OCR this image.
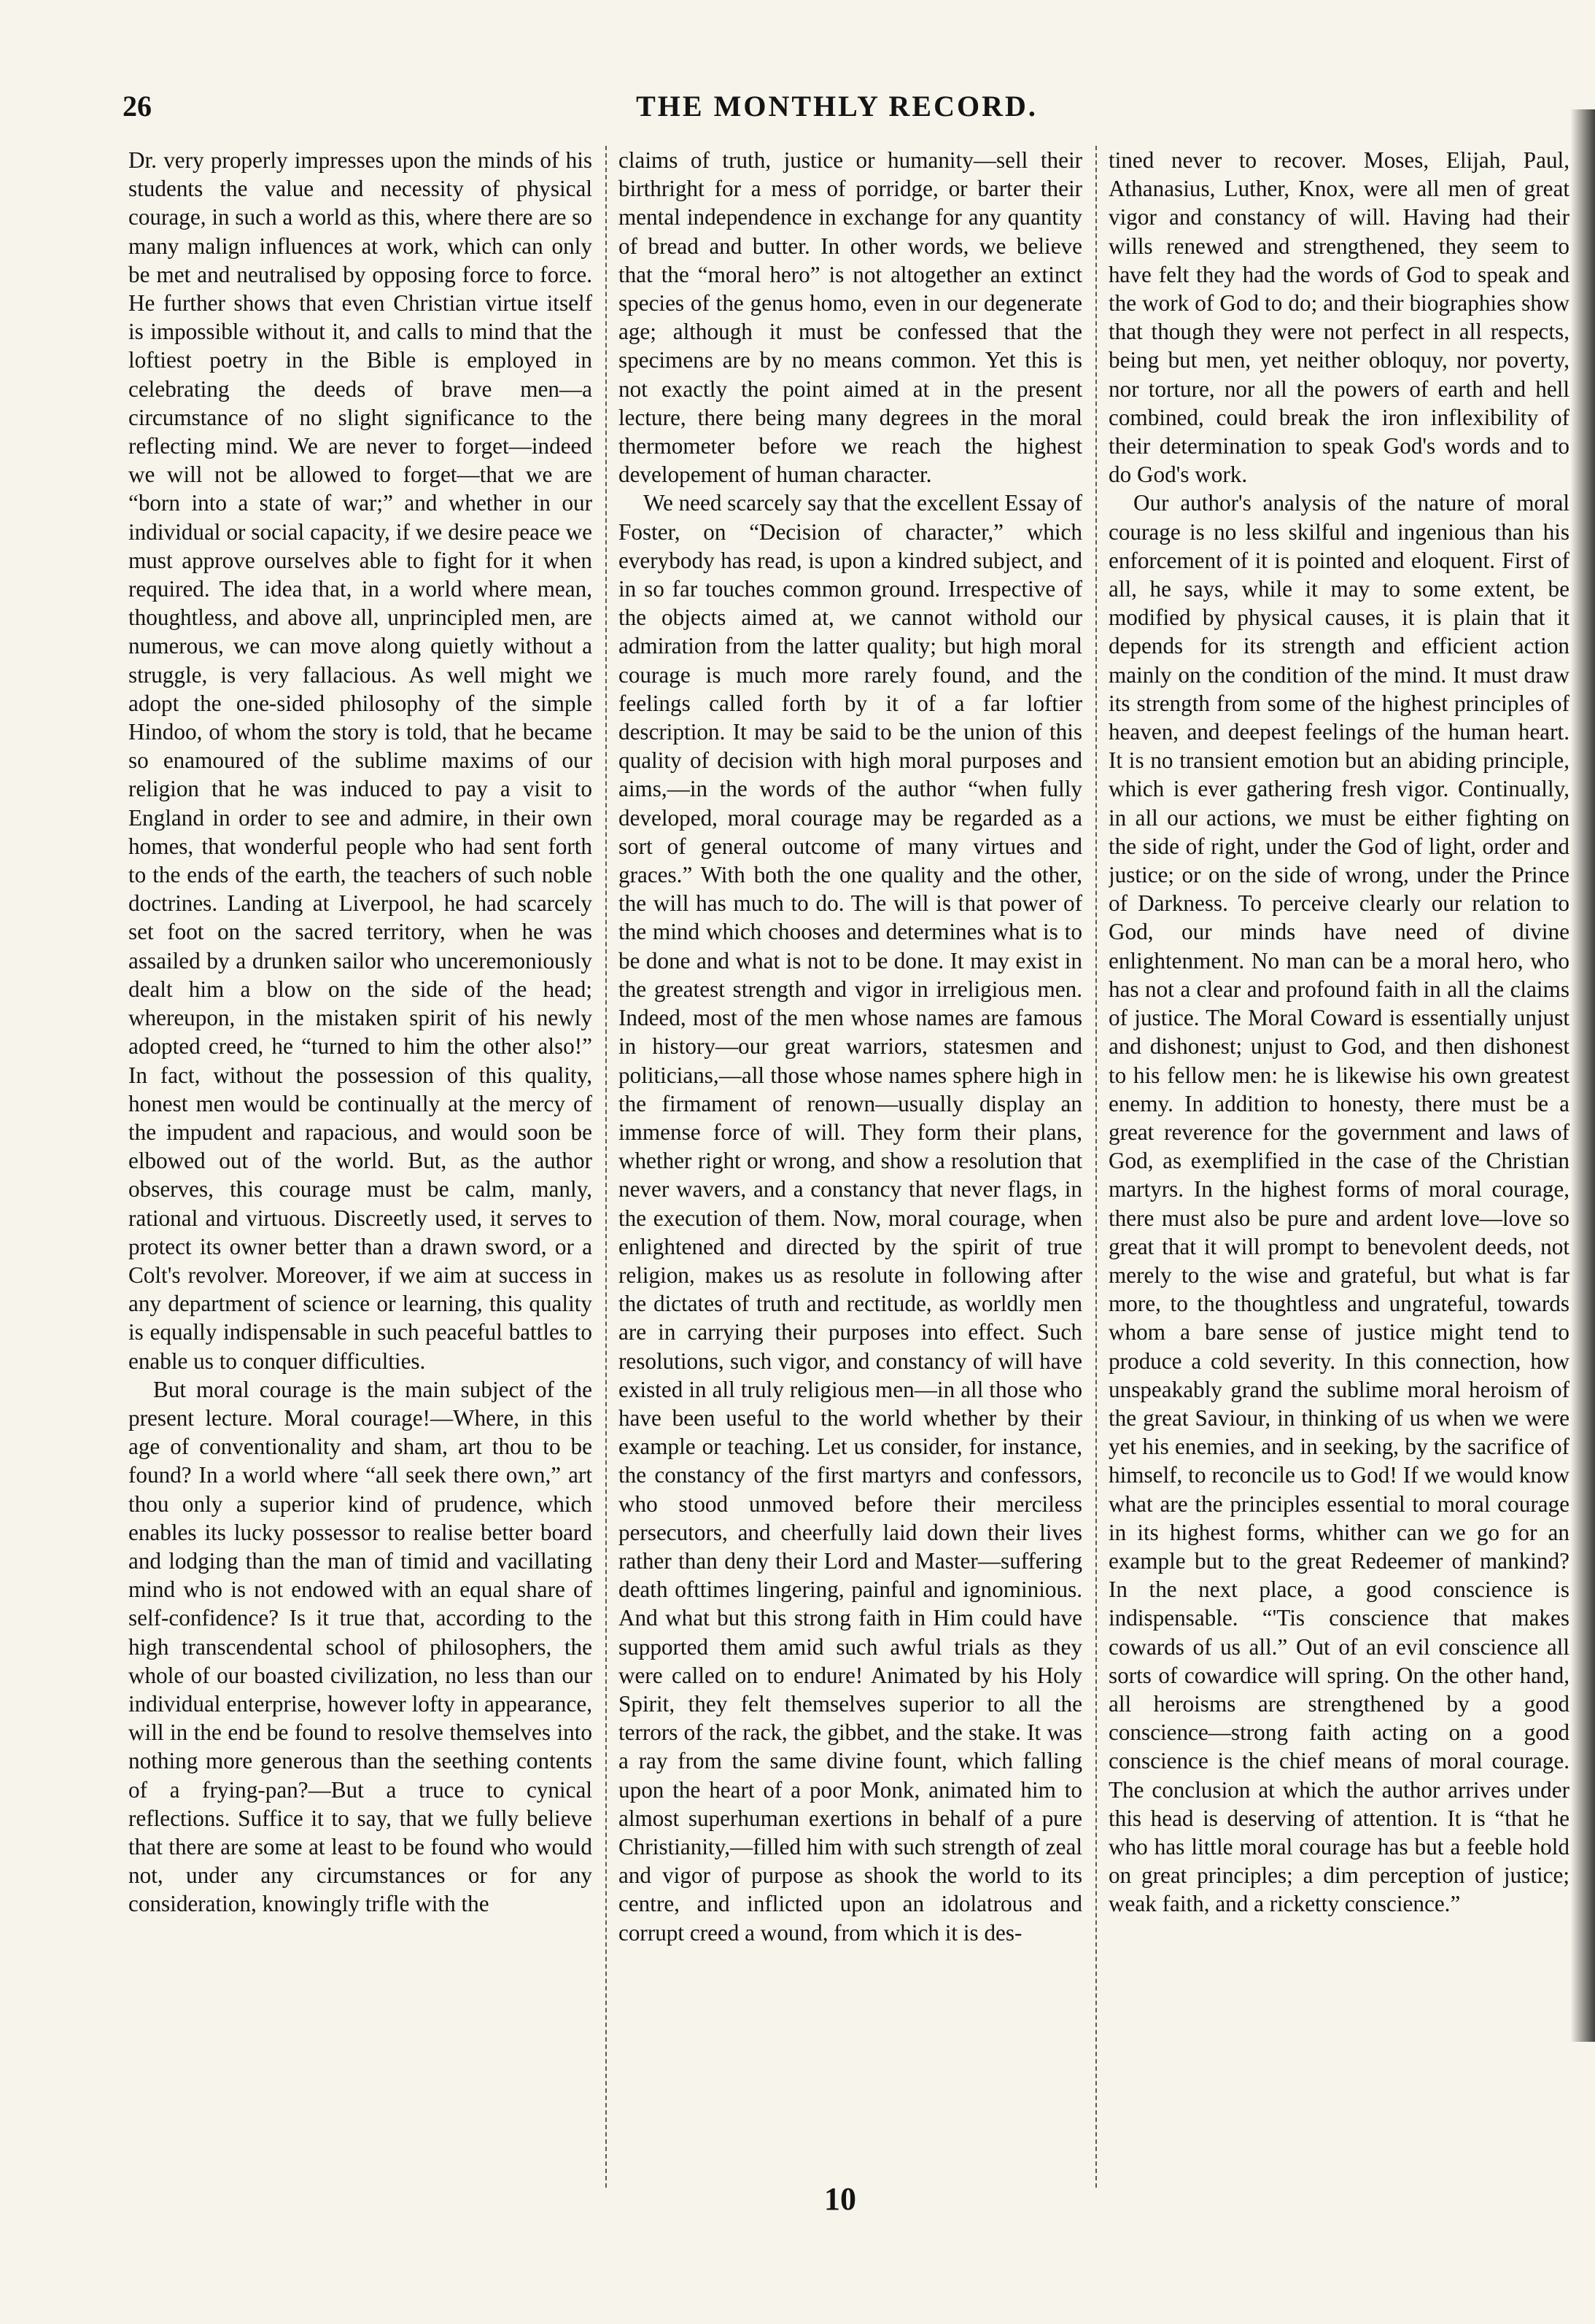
26	THE MONTHLY RECORD.

Dr. very properly impresses upon the minds of his students the value and necessity of physical courage, in such a world as this, where there are so many malign influences at work, which can only be met and neutralised by opposing force to force. He further shows that even Christian virtue itself is impossible without it, and calls to mind that the loftiest poetry in the Bible is employed in celebrating the deeds of brave men—a circumstance of no slight significance to the reflecting mind. We are never to forget—indeed we will not be allowed to forget—that we are “born into a state of war;” and whether in our individual or social capacity, if we desire peace we must approve ourselves able to fight for it when required. The idea that, in a world where mean, thoughtless, and above all, unprincipled men, are numerous, we can move along quietly without a struggle, is very fallacious. As well might we adopt the one-sided philosophy of the simple Hindoo, of whom the story is told, that he became so enamoured of the sublime maxims of our religion that he was induced to pay a visit to England in order to see and admire, in their own homes, that wonderful people who had sent forth to the ends of the earth, the teachers of such noble doctrines. Landing at Liverpool, he had scarcely set foot on the sacred territory, when he was assailed by a drunken sailor who unceremoniously dealt him a blow on the side of the head; whereupon, in the mistaken spirit of his newly adopted creed, he “turned to him the other also!” In fact, without the possession of this quality, honest men would be continually at the mercy of the impudent and rapacious, and would soon be elbowed out of the world. But, as the author observes, this courage must be calm, manly, rational and virtuous. Discreetly used, it serves to protect its owner better than a drawn sword, or a Colt's revolver. Moreover, if we aim at success in any department of science or learning, this quality is equally indispensable in such peaceful battles to enable us to conquer difficulties.

But moral courage is the main subject of the present lecture. Moral courage!—Where, in this age of conventionality and sham, art thou to be found? In a world where “all seek there own,” art thou only a superior kind of prudence, which enables its lucky possessor to realise better board and lodging than the man of timid and vacillating mind who is not endowed with an equal share of self-confidence? Is it true that, according to the high transcendental school of philosophers, the whole of our boasted civilization, no less than our individual enterprise, however lofty in appearance, will in the end be found to resolve themselves into nothing more generous than the seething contents of a frying-pan?—But a truce to cynical reflections. Suffice it to say, that we fully believe that there are some at least to be found who would not, under any circumstances or for any consideration, knowingly trifle with the

claims of truth, justice or humanity—sell their birthright for a mess of porridge, or barter their mental independence in exchange for any quantity of bread and butter. In other words, we believe that the “moral hero” is not altogether an extinct species of the genus homo, even in our degenerate age; although it must be confessed that the specimens are by no means common. Yet this is not exactly the point aimed at in the present lecture, there being many degrees in the moral thermometer before we reach the highest developement of human character.

We need scarcely say that the excellent Essay of Foster, on “Decision of character,” which everybody has read, is upon a kindred subject, and in so far touches common ground. Irrespective of the objects aimed at, we cannot withold our admiration from the latter quality; but high moral courage is much more rarely found, and the feelings called forth by it of a far loftier description. It may be said to be the union of this quality of decision with high moral purposes and aims,—in the words of the author “when fully developed, moral courage may be regarded as a sort of general outcome of many virtues and graces.” With both the one quality and the other, the will has much to do. The will is that power of the mind which chooses and determines what is to be done and what is not to be done. It may exist in the greatest strength and vigor in irreligious men. Indeed, most of the men whose names are famous in history—our great warriors, statesmen and politicians,—all those whose names sphere high in the firmament of renown—usually display an immense force of will. They form their plans, whether right or wrong, and show a resolution that never wavers, and a constancy that never flags, in the execution of them. Now, moral courage, when enlightened and directed by the spirit of true religion, makes us as resolute in following after the dictates of truth and rectitude, as worldly men are in carrying their purposes into effect. Such resolutions, such vigor, and constancy of will have existed in all truly religious men—in all those who have been useful to the world whether by their example or teaching. Let us consider, for instance, the constancy of the first martyrs and confessors, who stood unmoved before their merciless persecutors, and cheerfully laid down their lives rather than deny their Lord and Master—suffering death ofttimes lingering, painful and ignominious. And what but this strong faith in Him could have supported them amid such awful trials as they were called on to endure! Animated by his Holy Spirit, they felt themselves superior to all the terrors of the rack, the gibbet, and the stake. It was a ray from the same divine fount, which falling upon the heart of a poor Monk, animated him to almost superhuman exertions in behalf of a pure Christianity,—filled him with such strength of zeal and vigor of purpose as shook the world to its centre, and inflicted upon an idolatrous and corrupt creed a wound, from which it is des-

tined never to recover. Moses, Elijah, Paul, Athanasius, Luther, Knox, were all men of great vigor and constancy of will. Having had their wills renewed and strengthened, they seem to have felt they had the words of God to speak and the work of God to do; and their biographies show that though they were not perfect in all respects, being but men, yet neither obloquy, nor poverty, nor torture, nor all the powers of earth and hell combined, could break the iron inflexibility of their determination to speak God's words and to do God's work.

Our author's analysis of the nature of moral courage is no less skilful and ingenious than his enforcement of it is pointed and eloquent. First of all, he says, while it may to some extent, be modified by physical causes, it is plain that it depends for its strength and efficient action mainly on the condition of the mind. It must draw its strength from some of the highest principles of heaven, and deepest feelings of the human heart. It is no transient emotion but an abiding principle, which is ever gathering fresh vigor. Continually, in all our actions, we must be either fighting on the side of right, under the God of light, order and justice; or on the side of wrong, under the Prince of Darkness. To perceive clearly our relation to God, our minds have need of divine enlightenment. No man can be a moral hero, who has not a clear and profound faith in all the claims of justice. The Moral Coward is essentially unjust and dishonest; unjust to God, and then dishonest to his fellow men: he is likewise his own greatest enemy. In addition to honesty, there must be a great reverence for the government and laws of God, as exemplified in the case of the Christian martyrs. In the highest forms of moral courage, there must also be pure and ardent love—love so great that it will prompt to benevolent deeds, not merely to the wise and grateful, but what is far more, to the thoughtless and ungrateful, towards whom a bare sense of justice might tend to produce a cold severity. In this connection, how unspeakably grand the sublime moral heroism of the great Saviour, in thinking of us when we were yet his enemies, and in seeking, by the sacrifice of himself, to reconcile us to God! If we would know what are the principles essential to moral courage in its highest forms, whither can we go for an example but to the great Redeemer of mankind? In the next place, a good conscience is indispensable. “'Tis conscience that makes cowards of us all.” Out of an evil conscience all sorts of cowardice will spring. On the other hand, all heroisms are strengthened by a good conscience—strong faith acting on a good conscience is the chief means of moral courage. The conclusion at which the author arrives under this head is deserving of attention. It is “that he who has little moral courage has but a feeble hold on great principles; a dim perception of justice; weak faith, and a ricketty conscience.”

10
